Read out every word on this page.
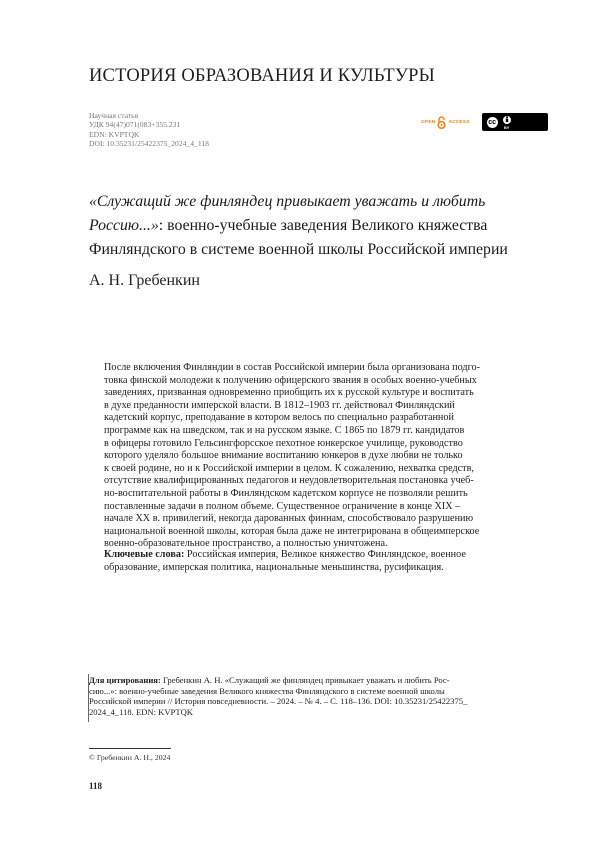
ИСТОРИЯ ОБРАЗОВАНИЯ И КУЛЬТУРЫ
Научная статья
УДК 94(47)071(083+355.231
EDN: KVPTQK
DOI: 10.35231/25422375_2024_4_118
OPEN	ACCESS	cc
BY

«Служащий же финляндец привыкает уважать и любить

Россию...»: военно-учебные заведения Великого княжества

Финляндского в системе военной школы Российской империи

А. Н. Гребенкин
После включения Финляндии в состав Российской империи была организована подго-
товка финской молодежи к получению офицерского звания в особых военно-учебных
заведениях, призванная одновременно приобщить их к русской культуре и воспитать
в духе преданности имперской власти. В 1812–1903 гг. действовал Финляндский
кадетский корпус, преподавание в котором велось по специально разработанной
программе как на шведском, так и на русском языке. С 1865 по 1879 гг. кандидатов
в офицеры готовило Гельсингфорсское пехотное юнкерское училище, руководство
которого уделяло большое внимание воспитанию юнкеров в духе любви не только
к своей родине, но и к Российской империи в целом. К сожалению, нехватка средств,
отсутствие квалифицированных педагогов и неудовлетворительная постановка учеб-
но-воспитательной работы в Финляндском кадетском корпусе не позволяли решить
поставленные задачи в полном объеме. Существенное ограничение в конце XIX –
начале XX в. привилегий, некогда дарованных финнам, способствовало разрушению
национальной военной школы, которая была даже не интегрирована в общеимперское
военно-образовательное пространство, а полностью уничтожена.
Ключевые слова: Российская империя, Великое княжество Финляндское, военное
образование, имперская политика, национальные меньшинства, русификация.
Для цитирования: Гребенкин А. Н. «Служащий же финляндец привыкает уважать и любить Рос-
сию...»: военно-учебные заведения Великого княжества Финляндского в системе военной школы
Российской империи // История повседневности. – 2024. – № 4. – С. 118–136. DOI: 10.35231/25422375_
2024_4_118. EDN: KVPTQK
© Гребенкин А. Н., 2024
118
